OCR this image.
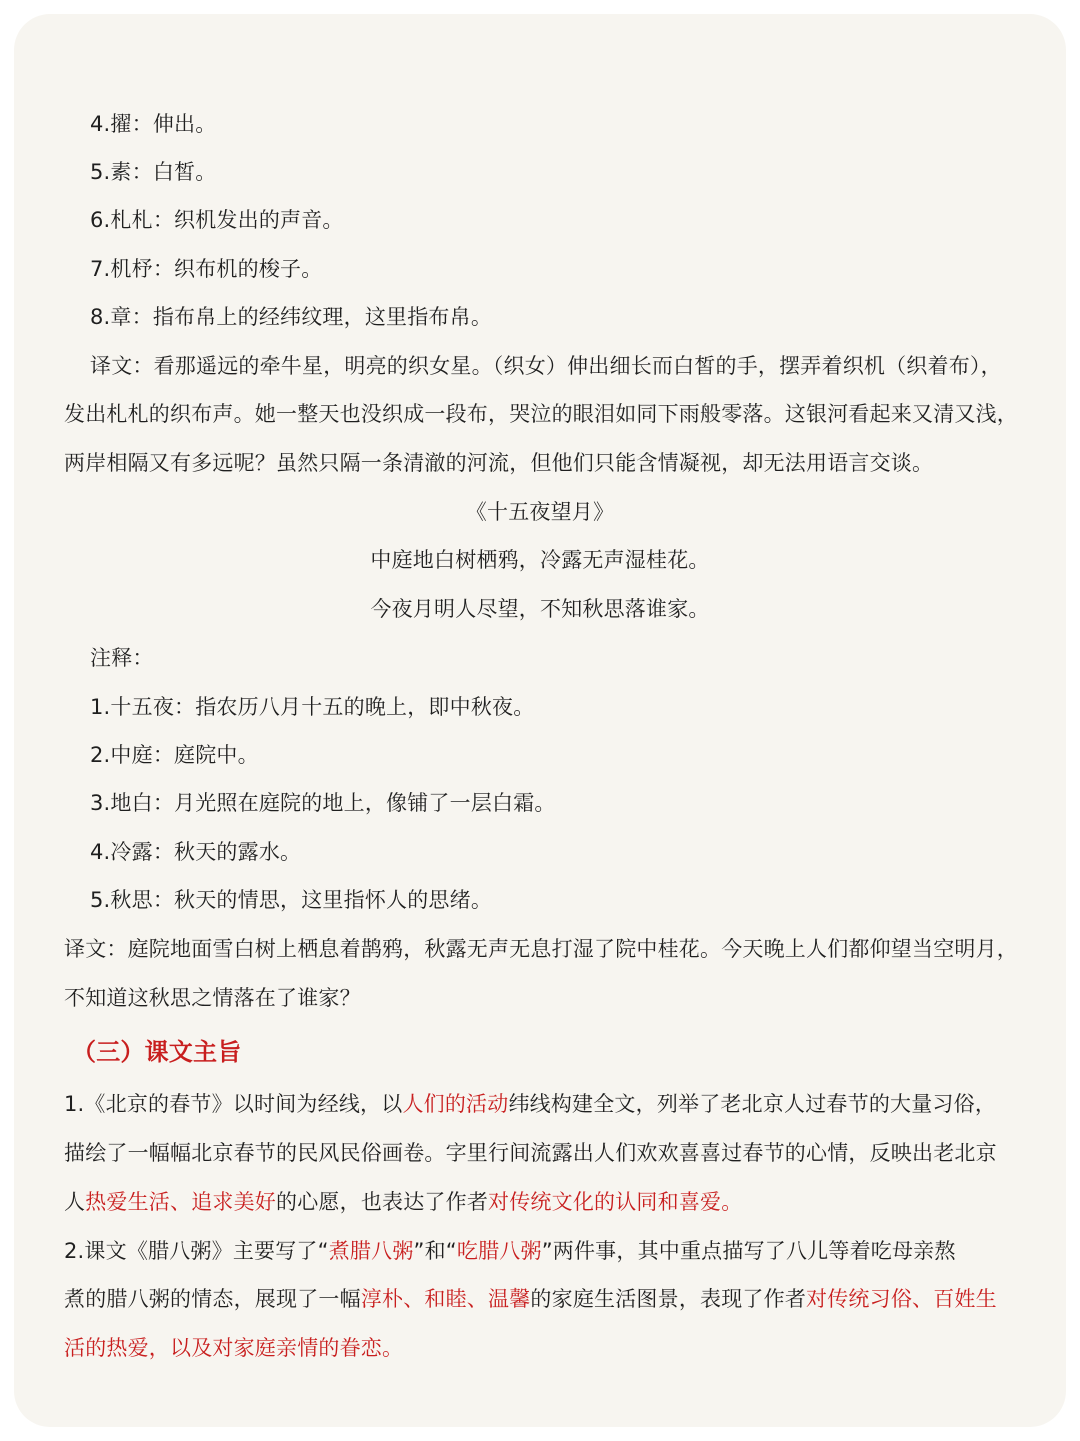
4.擢：伸出。
5.素：白皙。
6.札札：织机发出的声音。
7.机杼：织布机的梭子。
8.章：指布帛上的经纬纹理，这里指布帛。
译文：看那遥远的牵牛星，明亮的织女星。（织女）伸出细长而白皙的手，摆弄着织机（织着布），
发出札札的织布声。她一整天也没织成一段布，哭泣的眼泪如同下雨般零落。这银河看起来又清又浅，
两岸相隔又有多远呢？虽然只隔一条清澈的河流，但他们只能含情凝视，却无法用语言交谈。
《十五夜望月》
中庭地白树栖鸦，冷露无声湿桂花。
今夜月明人尽望，不知秋思落谁家。
注释：
1.十五夜：指农历八月十五的晚上，即中秋夜。
2.中庭：庭院中。
3.地白：月光照在庭院的地上，像铺了一层白霜。
4.冷露：秋天的露水。
5.秋思：秋天的情思，这里指怀人的思绪。
译文：庭院地面雪白树上栖息着鹊鸦，秋露无声无息打湿了院中桂花。今天晚上人们都仰望当空明月，
不知道这秋思之情落在了谁家？
（三）课文主旨
1.《北京的春节》以时间为经线，以人们的活动纬线构建全文，列举了老北京人过春节的大量习俗，
描绘了一幅幅北京春节的民风民俗画卷。字里行间流露出人们欢欢喜喜过春节的心情，反映出老北京
人热爱生活、追求美好的心愿，也表达了作者对传统文化的认同和喜爱。
2.课文《腊八粥》主要写了“煮腊八粥”和“吃腊八粥”两件事，其中重点描写了八儿等着吃母亲熬
煮的腊八粥的情态，展现了一幅淳朴、和睦、温馨的家庭生活图景，表现了作者对传统习俗、百姓生
活的热爱，以及对家庭亲情的眷恋。
